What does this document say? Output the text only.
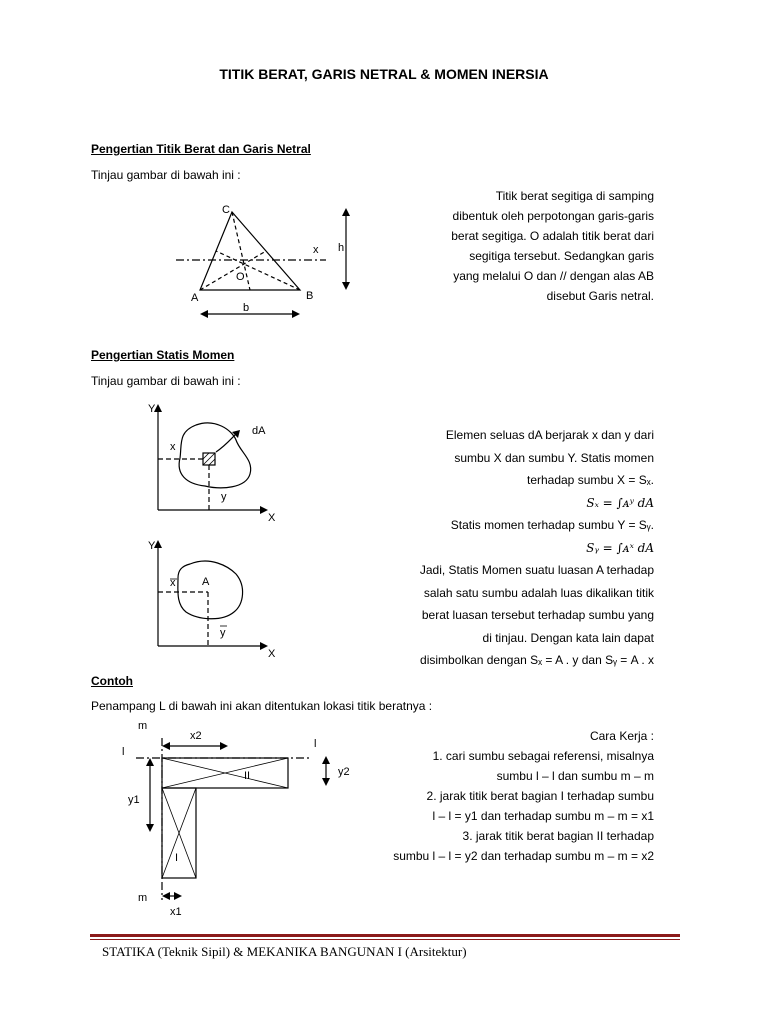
TITIK BERAT, GARIS NETRAL & MOMEN INERSIA
Pengertian Titik Berat dan Garis Netral
Tinjau gambar di bawah ini :
Titik berat segitiga di samping
dibentuk oleh perpotongan garis-garis
berat segitiga. O adalah titik berat dari
segitiga tersebut. Sedangkan garis
yang melalui O dan // dengan alas AB
disebut Garis netral.
C
A	B
O
x h
b
Pengertian Statis Momen
Tinjau gambar di bawah ini :
Elemen seluas dA berjarak x dan y dari
sumbu X dan sumbu Y. Statis momen
terhadap sumbu X = Sₓ.
Sₓ = ∫ᴀʸ dA
Statis momen terhadap sumbu Y = Sᵧ.
Sᵧ = ∫ᴀˣ dA
Jadi, Statis Momen suatu luasan A terhadap
salah satu sumbu adalah luas dikalikan titik
berat luasan tersebut terhadap sumbu yang
di tinjau. Dengan kata lain dapat
disimbolkan dengan Sₓ = A . y dan Sᵧ = A . x
Y
X
dA
x
y
Y
X
A
x
y
Contoh
Penampang L di bawah ini akan ditentukan lokasi titik beratnya :
Cara Kerja :
1. cari sumbu sebagai referensi, misalnya
sumbu l – l dan sumbu m – m
2. jarak titik berat bagian I terhadap sumbu
l – l = y1 dan terhadap sumbu m – m = x1
3. jarak titik berat bagian II terhadap
sumbu l – l = y2 dan terhadap sumbu m – m = x2
m
l
x2
l
y2
II
y1
I
m
x1
STATIKA (Teknik Sipil) & MEKANIKA BANGUNAN I (Arsitektur)
